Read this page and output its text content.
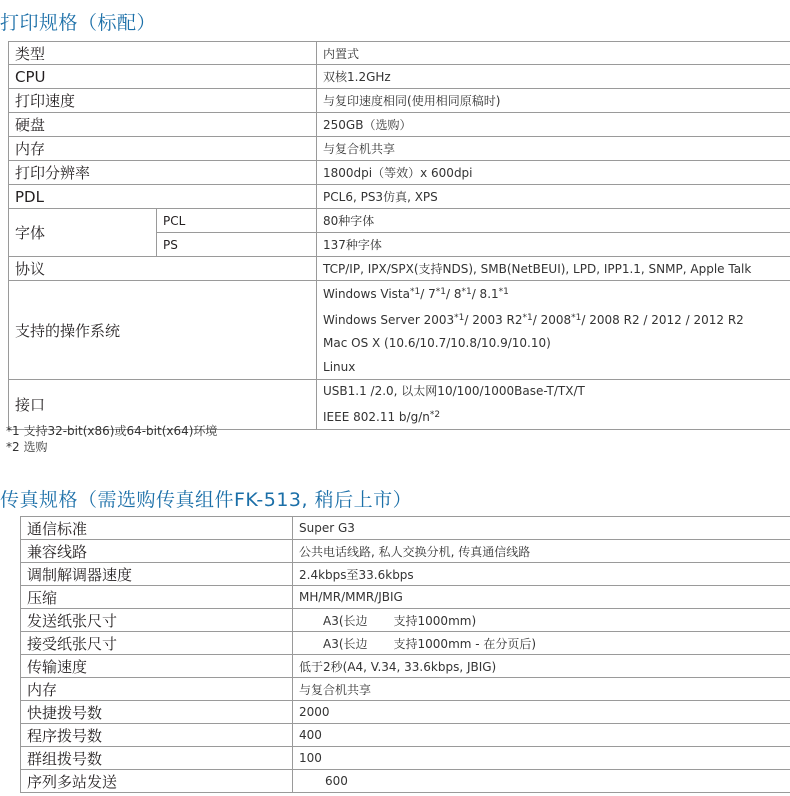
打印规格（标配）
类型		内置式
CPU		双核1.2GHz
打印速度		与复印速度相同(使用相同原稿时)
硬盘		250GB（选购）
内存		与复合机共享
打印分辨率		1800dpi（等效）x 600dpi
PDL		PCL6, PS3仿真, XPS
字体	PCL	80种字体
	PS	137种字体
协议		TCP/IP, IPX/SPX(支持NDS), SMB(NetBEUI), LPD, IPP1.1, SNMP, Apple Talk
支持的操作系统		Windows Vista$^{*1}$/ 7$^{*1}$/ 8$^{*1}$/ 8.1$^{*1}$
Windows Server 2003$^{*1}$/ 2003 R2$^{*1}$/ 2008$^{*1}$/ 2008 R2 / 2012 / 2012 R2
Mac OS X (10.6/10.7/10.8/10.9/10.10)
Linux

接口		USB1.1 /2.0, 以太网10/100/1000Base-T/TX/T
IEEE 802.11 $b/g/n^{*2}$
*1 支持32-bit(x86)或64-bit(x64)环境
*2 选购
传真规格（需选购传真组件FK-513, 稍后上市）
通信标准	Super G3
兼容线路	公共电话线路, 私人交换分机, 传真通信线路
调制解调器速度	2.4kbps至33.6kbps
压缩	MH/MR/MMR/JBIG
发送纸张尺寸	A3(长边 支持1000mm)
接受纸张尺寸	A3(长边 支持1000mm - 在分页后)
传输速度	低于2秒(A4, V.34, 33.6kbps, JBIG)
内存	与复合机共享
快捷拨号数	2000
程序拨号数	400
群组拨号数	100
序列多站发送	600
